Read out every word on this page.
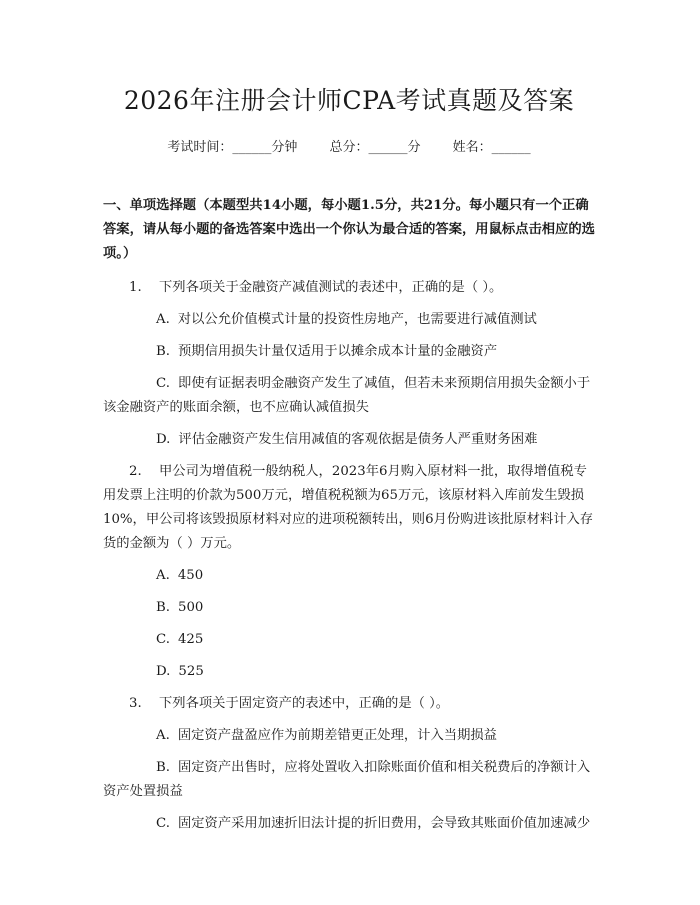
2026年注册会计师CPA考试真题及答案
考试时间：______分钟 总分：______分 姓名：______
一、单项选择题（本题型共14小题，每小题1.5分，共21分。每小题只有一个正确答案，请从每小题的备选答案中选出一个你认为最合适的答案，用鼠标点击相应的选项。）
1. 下列各项关于金融资产减值测试的表述中，正确的是（ ）。
A. 对以公允价值模式计量的投资性房地产，也需要进行减值测试
B. 预期信用损失计量仅适用于以摊余成本计量的金融资产
C. 即使有证据表明金融资产发生了减值，但若未来预期信用损失金额小于该金融资产的账面余额，也不应确认减值损失
D. 评估金融资产发生信用减值的客观依据是债务人严重财务困难
2. 甲公司为增值税一般纳税人，2023年6月购入原材料一批，取得增值税专用发票上注明的价款为500万元，增值税税额为65万元，该原材料入库前发生毁损10%，甲公司将该毁损原材料对应的进项税额转出，则6月份购进该批原材料计入存货的金额为（ ）万元。
A. 450
B. 500
C. 425
D. 525
3. 下列各项关于固定资产的表述中，正确的是（ ）。
A. 固定资产盘盈应作为前期差错更正处理，计入当期损益
B. 固定资产出售时，应将处置收入扣除账面价值和相关税费后的净额计入资产处置损益
C. 固定资产采用加速折旧法计提的折旧费用，会导致其账面价值加速减少
